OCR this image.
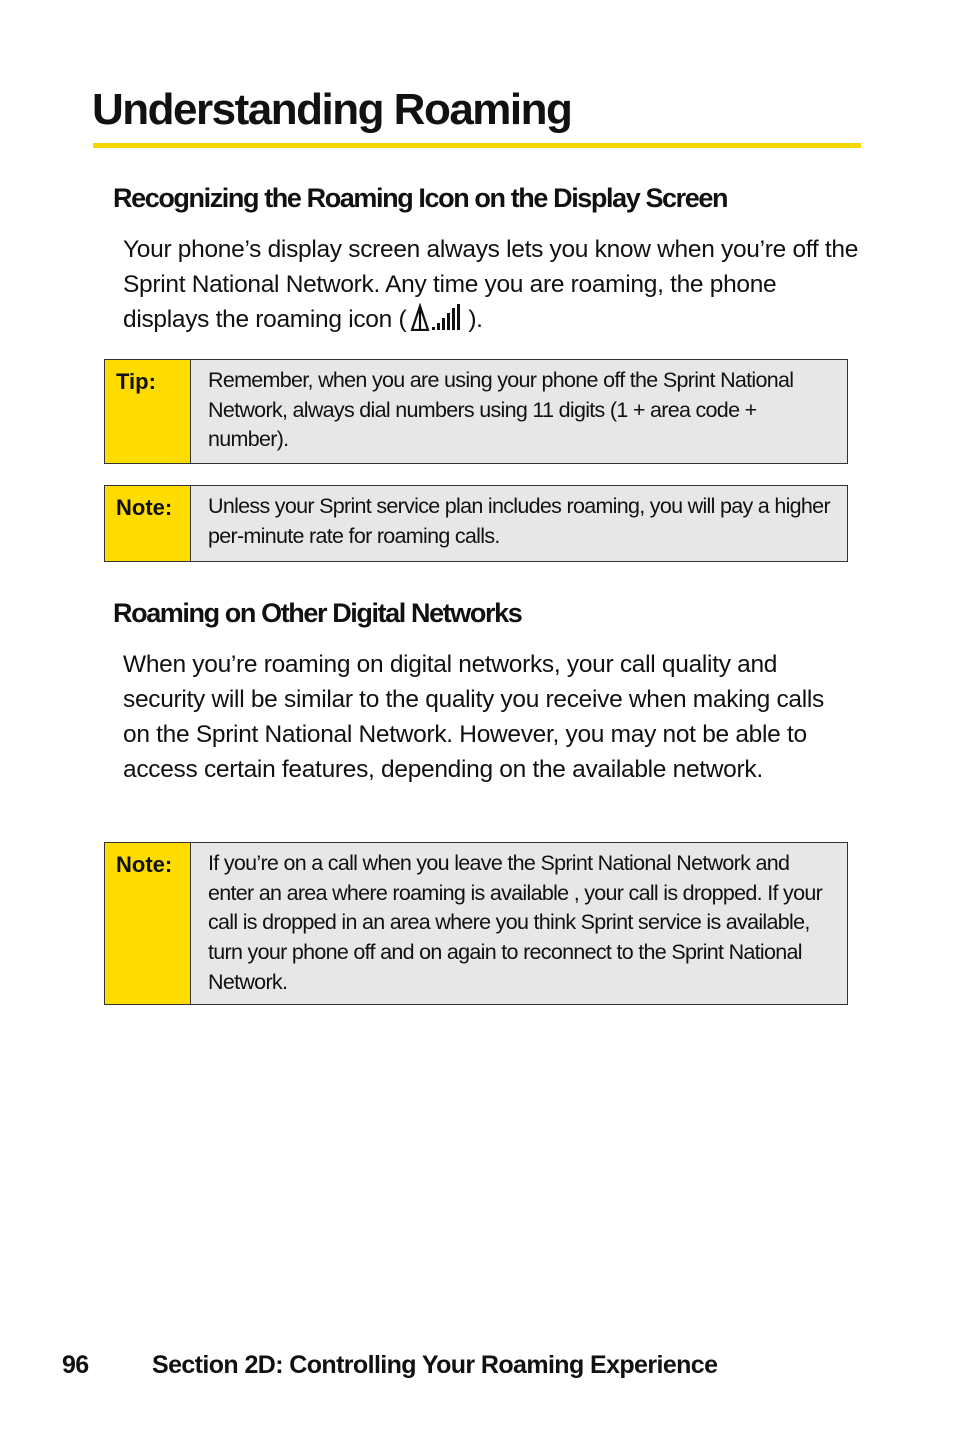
Understanding Roaming
Recognizing the Roaming Icon on the Display Screen

Your phone’s display screen always lets you know when you’re off the Sprint National Network. Any time you are roaming, the phone displays the roaming icon (	).

Tip:	Remember, when you are using your phone off the Sprint National Network, always dial numbers using 11 digits (1 + area code + number).
Note:	Unless your Sprint service plan includes roaming, you will pay a higher per-minute rate for roaming calls.
Roaming on Other Digital Networks

When you’re roaming on digital networks, your call quality and security will be similar to the quality you receive when making calls on the Sprint National Network. However, you may not be able to access certain features, depending on the available network.

Note:	If you’re on a call when you leave the Sprint National Network and enter an area where roaming is available , your call is dropped. If your call is dropped in an area where you think Sprint service is available, turn your phone off and on again to reconnect to the Sprint National Network.
96	Section 2D: Controlling Your Roaming Experience
